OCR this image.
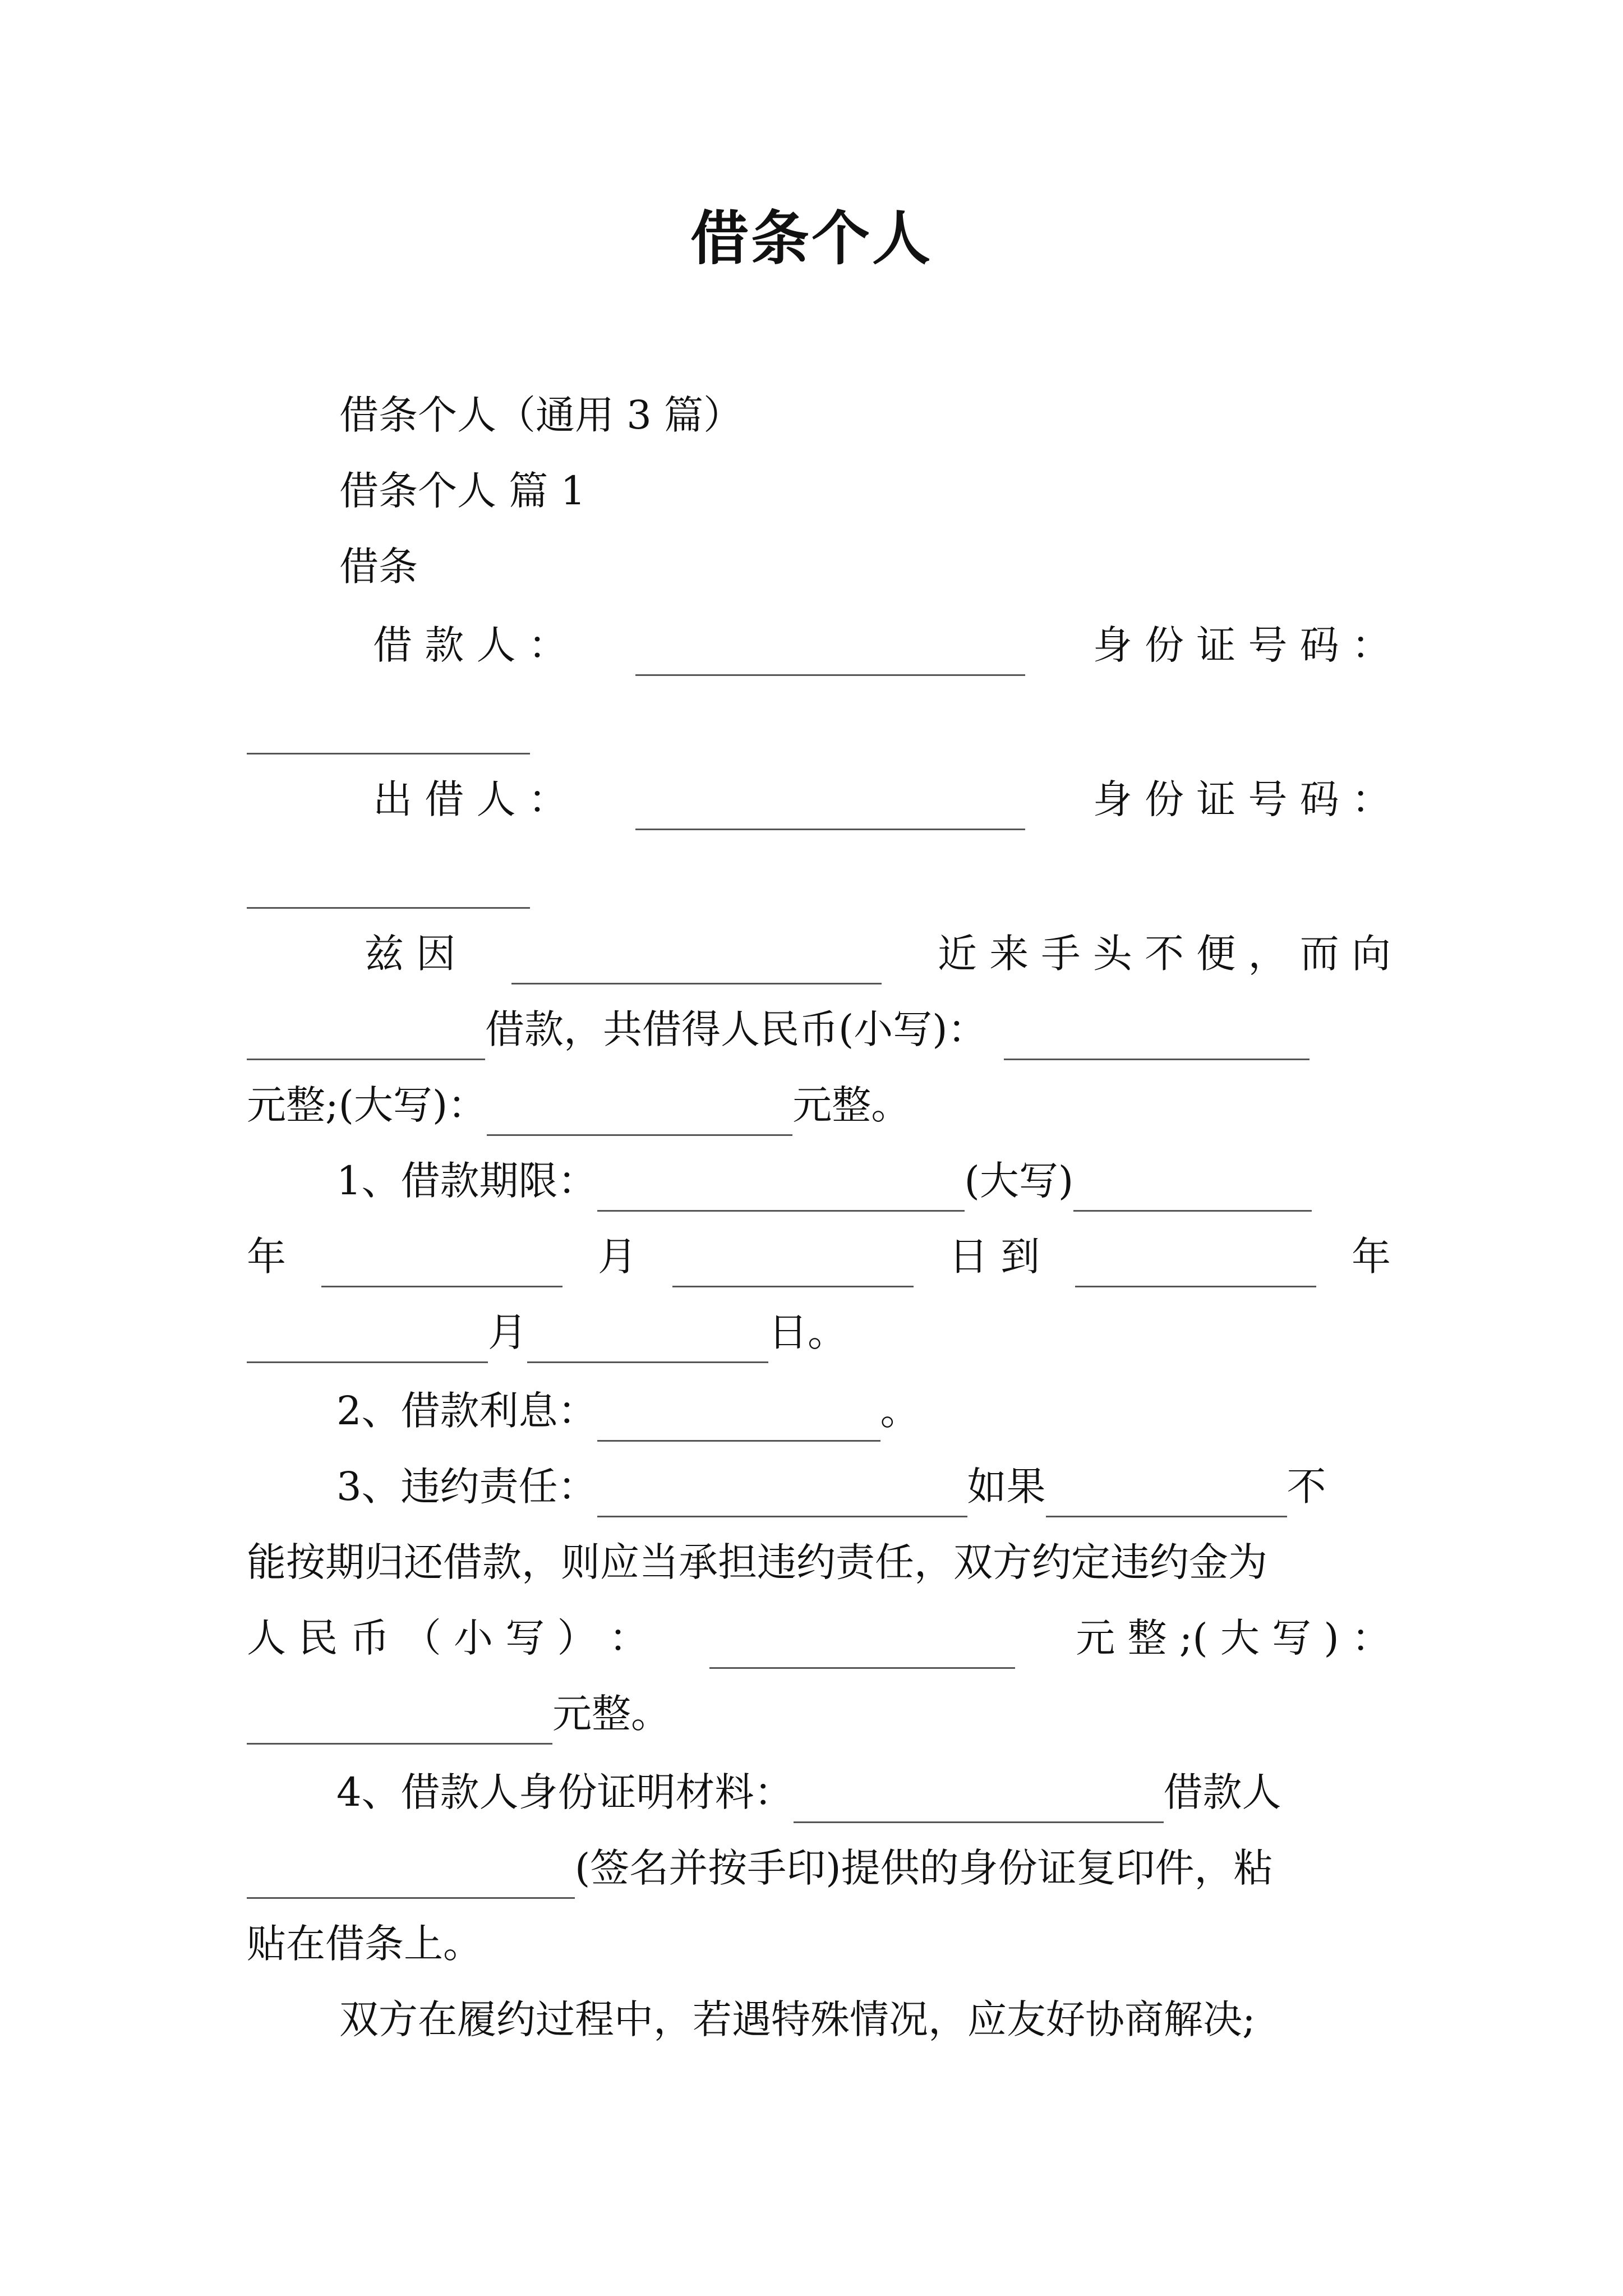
借条个人
借条个人（通用 3 篇）
借条个人 篇 1
借条
借 款 人 ：	身 份 证 号 码 ：
出 借 人 ：	身 份 证 号 码 ：
兹 因	近 来 手 头 不 便 ， 而 向
借款，共借得人民币(小写)：
元整;(大写)：	元整。
1、借款期限：	(大写)
年	月	日 到	年
月	日。
2、借款利息：	。
3、违约责任：	如果	不
能按期归还借款，则应当承担违约责任，双方约定违约金为
人 民 币 （ 小 写 ） ：	元 整 ;( 大 写 ) ：
元整。
4、借款人身份证明材料：	借款人
(签名并按手印)提供的身份证复印件，粘
贴在借条上。
双方在履约过程中，若遇特殊情况，应友好协商解决;
